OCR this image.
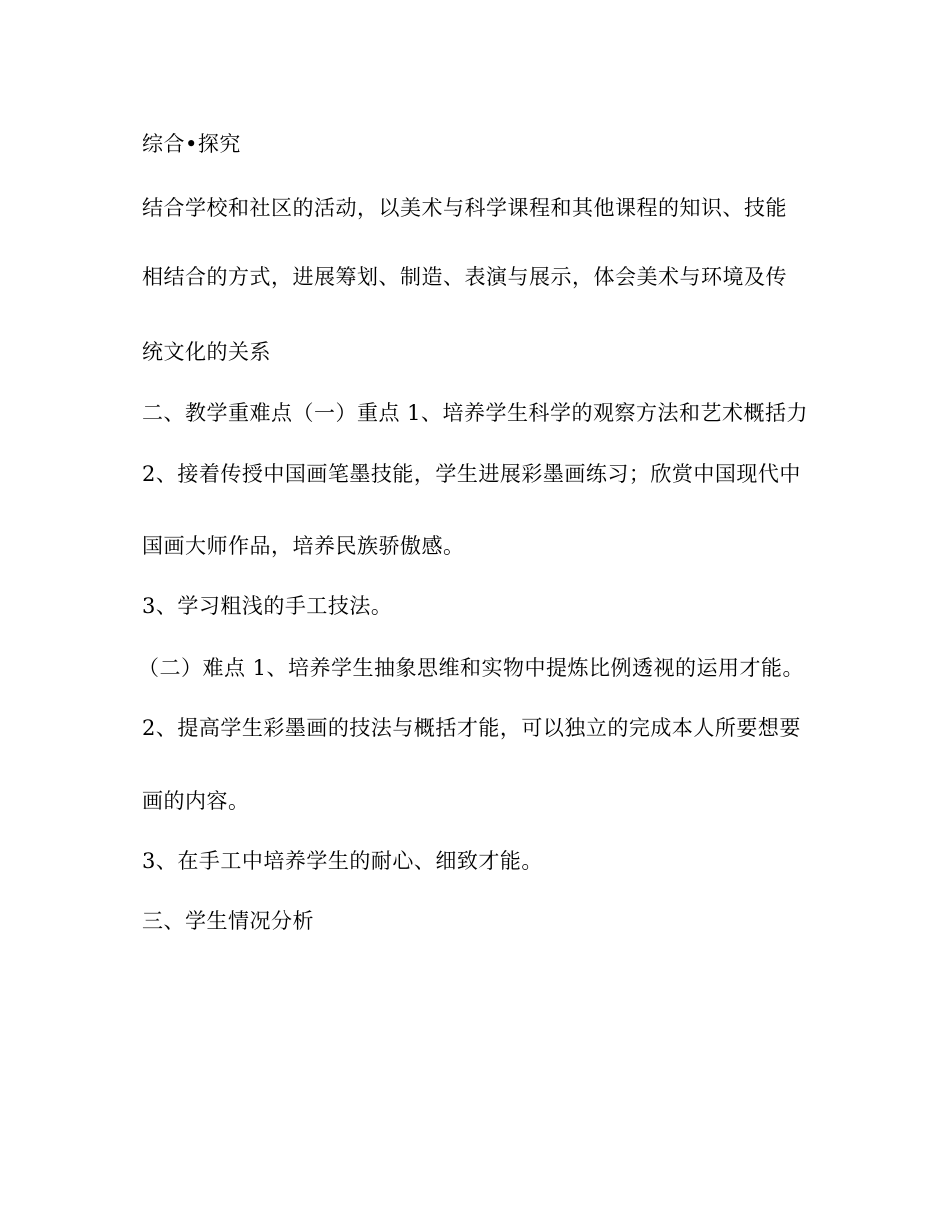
综合•探究
结合学校和社区的活动，以美术与科学课程和其他课程的知识、技能
相结合的方式，进展筹划、制造、表演与展示，体会美术与环境及传
统文化的关系
二、教学重难点（一）重点 1、培养学生科学的观察方法和艺术概括力
2、接着传授中国画笔墨技能，学生进展彩墨画练习；欣赏中国现代中
国画大师作品，培养民族骄傲感。
3、学习粗浅的手工技法。
（二）难点 1、培养学生抽象思维和实物中提炼比例透视的运用才能。
2、提高学生彩墨画的技法与概括才能，可以独立的完成本人所要想要
画的内容。
3、在手工中培养学生的耐心、细致才能。
三、学生情况分析
